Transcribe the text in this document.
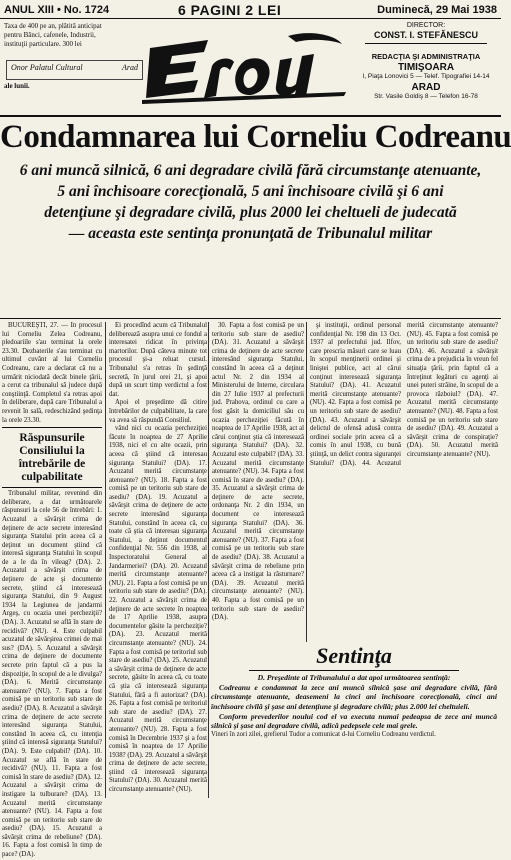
ANUL XIII • No. 1724	6 PAGINI 2 LEI	Duminecă, 29 Mai 1938
Taxa de 400 pe an, plătită anticipat
pentru Bănci, cafenele, Industrii,
instituţii particulare. 300 lei
Onor Palatul Cultural	Arad
ale lunii.
Erou
DIRECTOR:
CONST. I. STEFĂNESCU
REDACŢIA ŞI ADMINISTRAŢIA
TIMIŞOARA
I, Piaţa Lonovici 5 — Telef. Tipografiei 14-14
ARAD
Str. Vasile Goldiş 8 — Telefon 16-78
Condamnarea lui Corneliu Codreanu
6 ani muncă silnică, 6 ani degradare civilă fără circumstanţe atenuante,
5 ani închisoare corecţională, 5 ani închisoare civilă şi 6 ani
detenţiune şi degradare civilă, plus 2000 lei cheltueli de judecată
— aceasta este sentinţa pronunţată de Tribunalul militar

BUCUREŞTI, 27. — In procesul lui Corneliu Zelea Codreanu, pledoariile s'au terminat la orele 23.30. Dezbaterile s'au terminat cu ultimul cuvânt al lui Corneliu Codreanu, care a declarat că nu a urmărit niciodată decât binele ţării, a cerut ca tribunalul să judece după conştiinţă. Completul s'a retras apoi în deliberare, după care Tribunalul a revenit în sală, redeschizând şedinţa la orele 23.30.

Răspunsurile Consiliului la întrebările de culpabilitate

Tribunalul militar, revenind din deliberare, a dat următoarele răspunsuri la cele 56 de întrebări: 1. Acuzatul a săvârşit crima de deţinere de acte secrete interesând siguranţa Statului prin aceea că a deţinut un document ştiind că interesă siguranţa Statului în scopul de a le da în vileag? (DA). 2. Acuzatul a săvârşit crima de deţinere de acte şi documente secrete, ştiind că interesează siguranţa Statului, din 9 August 1934 la Legiunea de jandarmi Argeş, cu ocazia unei percheziţii? (DA). 3. Acuzatul se află în stare de recidivă? (NU). 4. Este culpabil acuzatul de săvârşirea crimei de mai sus? (DA). 5. Acuzatul a săvârşit crima de deţinere de documente secrete prin faptul că a pus la dispoziţie, în scopul de a le divulga? (DA). 6. Meritã circumstanţe atenuante? (NU). 7. Fapta a fost comisă pe un teritoriu sub stare de asediu? (DA). 8. Acuzatul a săvârşit crima de deţinere de acte secrete interesând siguranţa Statului, constând în aceea că, cu intenţia ştiind că interesă siguranţa Statului? (DA). 9. Este culpabil? (DA). 10. Acuzatul se află în stare de recidivă? (NU). 11. Fapta a fost comisă în stare de asediu? (DA). 12. Acuzatul a săvârşit crima de instigare la tulburare? (DA). 13. Acuzatul merită circumstanţe atenuante? (NU). 14. Fapta a fost comisă pe un teritoriu sub stare de asediu? (DA). 15. Acuzatul a săvârşit crima de rebeliune? (DA). 16. Fapta a fost comisă în timp de pace? (DA).

Ei procedînd acum că Tribunalul deliberează asupra unui ce fondul a interesatei ridicat în privinţa martorilor. După câteva minute tot procesul şi-a reluat cursul. Tribunalul s'a retras în şedinţă secretă, în jurul orei 21, şi apoi după un scurt timp verdictul a fost dat.

Apoi el preşedinte dă citire întrebărilor de culpabilitate, la care va avea să răspundă Consiliul.

vând nici cu ocazia percheziţiei făcute în noaptea de 27 Aprilie 1938, nici el cu alte ocazii, prin aceea că ştiind că interesau siguranţa Statului? (DA). 17. Acuzatul merită circumstanţe atenuante? (NU). 18. Fapta a fost comisă pe un teritoriu sub stare de asediu? (DA). 19. Acuzatul a săvârşit crima de deţinere de acte secrete interesând siguranţa Statului, constând în aceea că, cu toate că ştia că interesau siguranţa Statului, a deţinut documentul confidenţial Nr. 556 din 1938, al Inspectoratului General al Jandarmeriei? (DA). 20. Acuzatul merită circumstanţe atenuante? (NU). 21. Fapta a fost comisă pe un teritoriu sub stare de asediu? (DA). 22. Acuzatul a săvârşit crima de deţinere de acte secrete în noaptea de 17 Aprilie 1938, asupra documentelor găsite la percheziţie? (DA). 23. Acuzatul merită circumstanţe atenuante? (NU). 24. Fapta a fost comisă pe teritoriul sub stare de asediu? (DA). 25. Acuzatul a săvârşit crima de deţinere de acte secrete, găsite în aceea că, cu toate că ştia că interesează siguranţa Statului, fără a fi autorizat? (DA). 26. Fapta a fost comisă pe teritoriul sub stare de asediu? (DA). 27. Acuzatul merită circumstanţe atenuante? (NU). 28. Fapta a fost comisă în Decembrie 1937 şi a fost comisă în noaptea de 17 Aprilie 1938? (DA). 29. Acuzatul a săvârşit crima de deţinere de acte secrete, ştiind că interesează siguranţa Statului? (DA). 30. Acuzatul merită circumstanţe atenuante? (NU).

30. Fapta a fost comisă pe un teritoriu sub stare de asediu? (DA). 31. Acuzatul a săvârşit crima de deţinere de acte secrete interesând siguranţa Statului, constând în aceea că a deţinut actul Nr. 2 din 1934 al Ministerului de Interne, circulara din 27 Iulie 1937 al prefecturii jud. Prahova, ordinul cu care a fost găsit la domiciliul său cu ocazia percheziţiei făcută în noaptea de 17 Aprilie 1938, act al cărui conţinut ştia că interesează siguranţa Statului? (DA). 32. Acuzatul este culpabil? (DA). 33. Acuzatul merită circumstanţe atenuante? (NU). 34. Fapta a fost comisă în stare de asediu? (DA). 35. Acuzatul a săvârşit crima de deţinere de acte secrete, ordonanţa Nr. 2 din 1934, un document ce interesează siguranţa Statului? (DA). 36. Acuzatul merită circumstanţe atenuante? (NU). 37. Fapta a fost comisă pe un teritoriu sub stare de asediu? (DA). 38. Acuzatul a săvârşit crima de rebeliune prin aceea că a instigat la răsturnare? (DA). 39. Acuzatul merită circumstanţe atenuante? (NU). 40. Fapta a fost comisă pe un teritoriu sub stare de asediu? (DA).

şi instituţii, ordinul personal confidenţial Nr. 198 din 13 Oct. 1937 al prefectului jud. Ilfov, care prescria măsuri care se luau în scopul menţinerii ordinei şi liniştei publice, act al cărui conţinut interesează siguranţa Statului? (DA). 41. Acuzatul merită circumstanţe atenuante? (NU). 42. Fapta a fost comisă pe un teritoriu sub stare de asediu? (DA). 43. Acuzatul a săvârşit delictul de ofensă adusă contra ordinei sociale prin aceea că a comis în anul 1938, cu bună ştiinţă, un delict contra siguranţei Statului? (DA). 44. Acuzatul merită circumstanţe atenuante? (NU). 45. Fapta a fost comisă pe un teritoriu sub stare de asediu? (DA). 46. Acuzatul a săvârşit crima de a prejudicia în vreun fel situaţia ţării, prin faptul că a întreţinut legături cu agenţi ai unei puteri străine, în scopul de a provoca războiul? (DA). 47. Acuzatul merită circumstanţe atenuante? (NU). 48. Fapta a fost comisă pe un teritoriu sub stare de asediu? (DA). 49. Acuzatul a săvârşit crima de conspiraţie? (DA). 50. Acuzatul merită circumstanţe atenuante? (NU).

Sentinţa

D. Preşedinte al Tribunalului a dat apoi următoarea sentinţă:

Codreanu e condamnat la zece ani muncă silnică şase ani degradare civilă, fără circumstanţe atenuante, deasemeni la cinci ani închisoare corecţională, cinci ani închisoare civilă şi şase ani detenţiune şi degradare civilă; plus 2.000 lei cheltuieli.

Conform prevederilor noului cod el va executa numai pedeapsa de zece ani muncă silnică şi şase ani degradare civilă, adică pedepsele cele mai grele.

Vineri în zori zilei, grefierul Tudor a comunicat d-lui Corneliu Codreanu verdictul.
